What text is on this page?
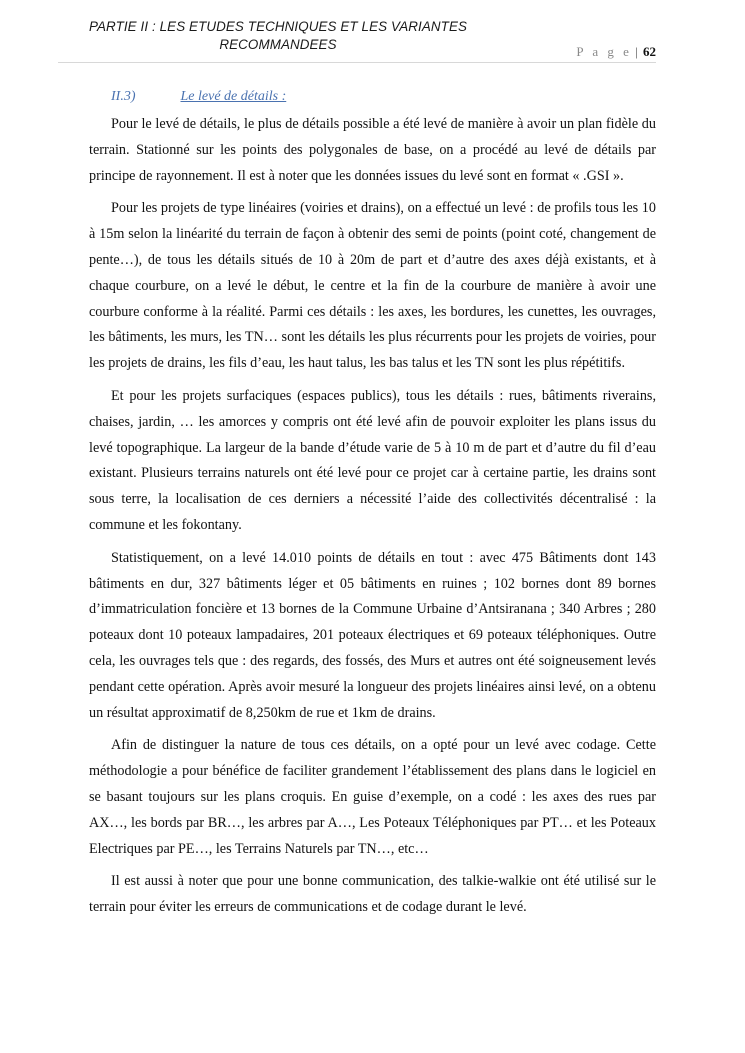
PARTIE II : LES ETUDES TECHNIQUES ET LES VARIANTES
RECOMMANDEES	P a g e | 62
II.3)	Le levé de détails :

Pour le levé de détails, le plus de détails possible a été levé de manière à avoir un plan fidèle du terrain. Stationné sur les points des polygonales de base, on a procédé au levé de détails par principe de rayonnement. Il est à noter que les données issues du levé sont en format « .GSI ».

Pour les projets de type linéaires (voiries et drains), on a effectué un levé : de profils tous les 10 à 15m selon la linéarité du terrain de façon à obtenir des semi de points (point coté, changement de pente…), de tous les détails situés de 10 à 20m de part et d’autre des axes déjà existants, et à chaque courbure, on a levé le début, le centre et la fin de la courbure de manière à avoir une courbure conforme à la réalité. Parmi ces détails : les axes, les bordures, les cunettes, les ouvrages, les bâtiments, les murs, les TN… sont les détails les plus récurrents pour les projets de voiries, pour les projets de drains, les fils d’eau, les haut talus, les bas talus et les TN sont les plus répétitifs.

Et pour les projets surfaciques (espaces publics), tous les détails : rues, bâtiments riverains, chaises, jardin, … les amorces y compris ont été levé afin de pouvoir exploiter les plans issus du levé topographique. La largeur de la bande d’étude varie de 5 à 10 m de part et d’autre du fil d’eau existant. Plusieurs terrains naturels ont été levé pour ce projet car à certaine partie, les drains sont sous terre, la localisation de ces derniers a nécessité l’aide des collectivités décentralisé : la commune et les fokontany.

Statistiquement, on a levé 14.010 points de détails en tout : avec 475 Bâtiments dont 143 bâtiments en dur, 327 bâtiments léger et 05 bâtiments en ruines ; 102 bornes dont 89 bornes d’immatriculation foncière et 13 bornes de la Commune Urbaine d’Antsiranana ; 340 Arbres ; 280 poteaux dont 10 poteaux lampadaires, 201 poteaux électriques et 69 poteaux téléphoniques. Outre cela, les ouvrages tels que : des regards, des fossés, des Murs et autres ont été soigneusement levés pendant cette opération. Après avoir mesuré la longueur des projets linéaires ainsi levé, on a obtenu un résultat approximatif de 8,250km de rue et 1km de drains.

Afin de distinguer la nature de tous ces détails, on a opté pour un levé avec codage. Cette méthodologie a pour bénéfice de faciliter grandement l’établissement des plans dans le logiciel en se basant toujours sur les plans croquis. En guise d’exemple, on a codé : les axes des rues par AX…, les bords par BR…, les arbres par A…, Les Poteaux Téléphoniques par PT… et les Poteaux Electriques par PE…, les Terrains Naturels par TN…, etc…

Il est aussi à noter que pour une bonne communication, des talkie-walkie ont été utilisé sur le terrain pour éviter les erreurs de communications et de codage durant le levé.
